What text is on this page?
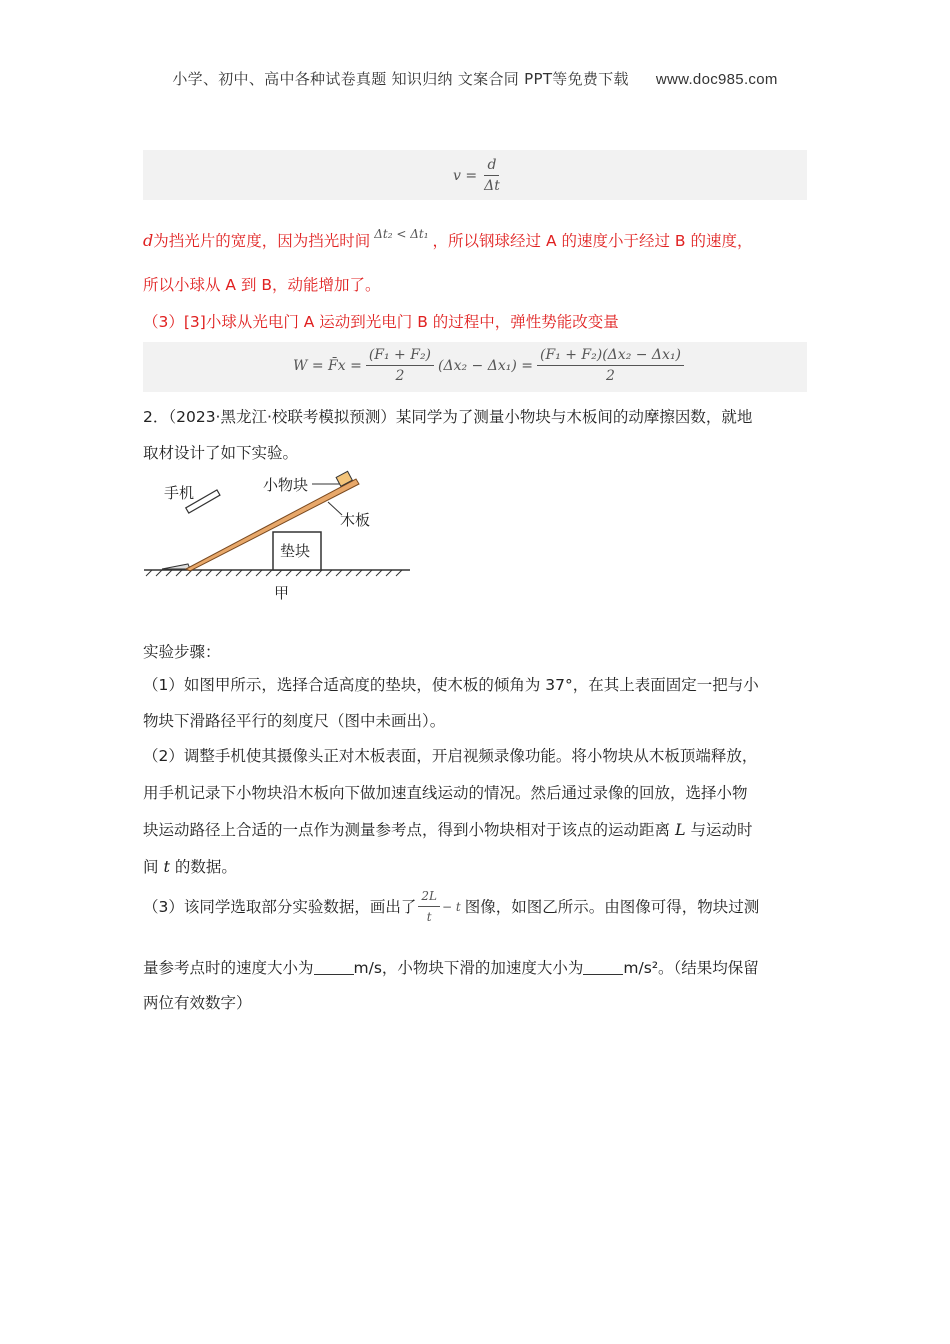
小学、初中、高中各种试卷真题 知识归纳 文案合同 PPT等免费下载 www.doc985.com
$v = \frac{d}{\Delta t}$
d为挡光片的宽度，因为挡光时间 $^{\Delta t_2 < \Delta t_1}$ ，所以钢球经过 A 的速度小于经过 B 的速度，
所以小球从 A 到 B，动能增加了。
（3）[3]小球从光电门 A 运动到光电门 B 的过程中，弹性势能改变量
W = F̄x = $\frac{\text{(F₁ + F₂)}}{2} (\Delta x_2 - \Delta x_1) = \frac{\text{(F₁ + F₂)(Δx₂ − Δx₁)}}{2}$
2．（2023·黑龙江·校联考模拟预测）某同学为了测量小物块与木板间的动摩擦因数，就地
取材设计了如下实验。
垫块
手机	小物块
木板
甲
实验步骤：
（1）如图甲所示，选择合适高度的垫块，使木板的倾角为 37°，在其上表面固定一把与小
物块下滑路径平行的刻度尺（图中未画出）。
（2）调整手机使其摄像头正对木板表面，开启视频录像功能。将小物块从木板顶端释放，
用手机记录下小物块沿木板向下做加速直线运动的情况。然后通过录像的回放，选择小物
块运动路径上合适的一点作为测量参考点，得到小物块相对于该点的运动距离 L 与运动时
间 t 的数据。
（3）该同学选取部分实验数据，画出了 $\frac{2L}{t} - t$ 图像，如图乙所示。由图像可得，物块过测
量参考点时的速度大小为	m/s，小物块下滑的加速度大小为	m/s²。（结果均保留
两位有效数字）
